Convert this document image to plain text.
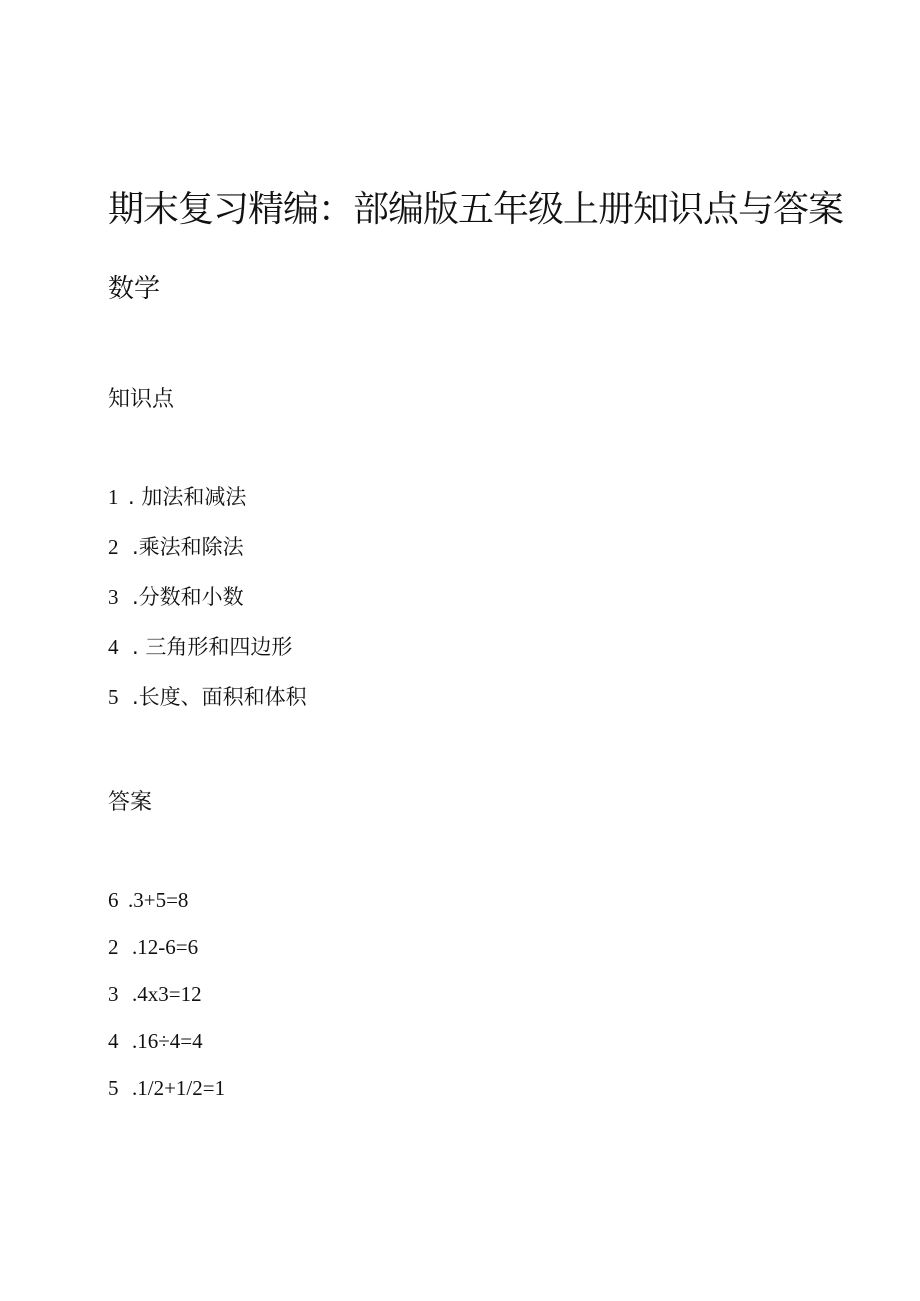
期末复习精编：部编版五年级上册知识点与答案
数学
知识点
1 . 加法和减法
2 .乘法和除法
3 .分数和小数
4 . 三角形和四边形
5 .长度、面积和体积
答案
6 .3+5=8
2 .12-6=6
3 .4x3=12
4 .16÷4=4
5 .1/2+1/2=1
